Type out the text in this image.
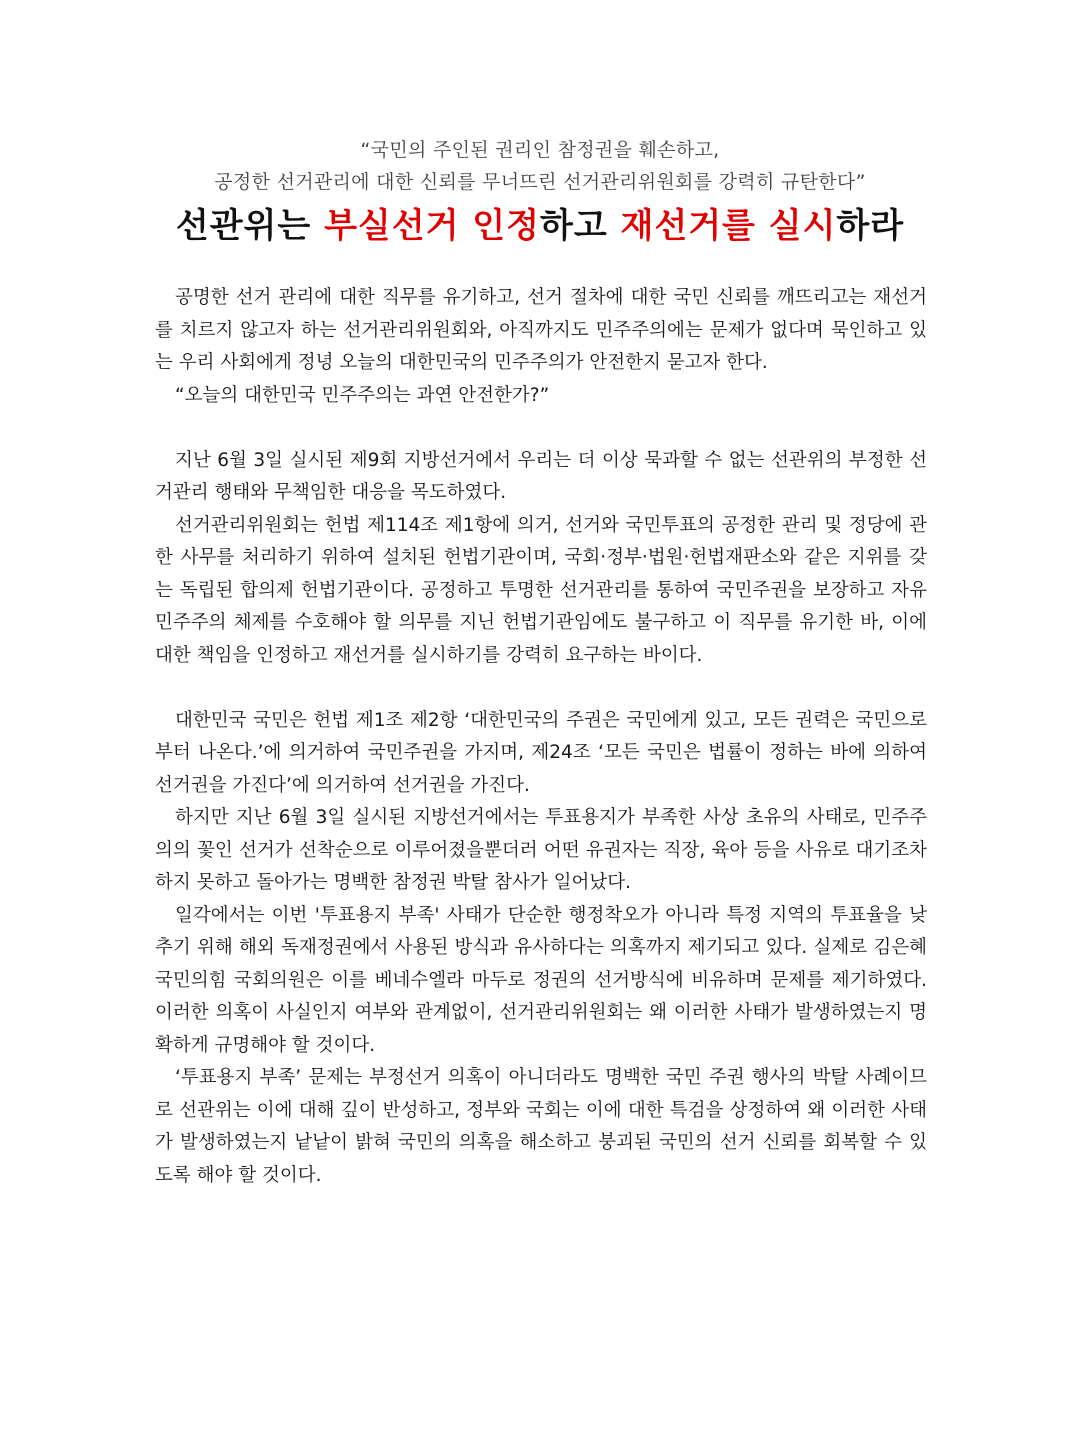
“국민의 주인된 권리인 참정권을 훼손하고,
공정한 선거관리에 대한 신뢰를 무너뜨린 선거관리위원회를 강력히 규탄한다”
선관위는 부실선거 인정하고 재선거를 실시하라

공명한 선거 관리에 대한 직무를 유기하고, 선거 절차에 대한 국민 신뢰를 깨뜨리고는 재선거를 치르지 않고자 하는 선거관리위원회와, 아직까지도 민주주의에는 문제가 없다며 묵인하고 있는 우리 사회에게 정녕 오늘의 대한민국의 민주주의가 안전한지 묻고자 한다.

“오늘의 대한민국 민주주의는 과연 안전한가?”

지난 6월 3일 실시된 제9회 지방선거에서 우리는 더 이상 묵과할 수 없는 선관위의 부정한 선거관리 행태와 무책임한 대응을 목도하였다.

선거관리위원회는 헌법 제114조 제1항에 의거, 선거와 국민투표의 공정한 관리 및 정당에 관한 사무를 처리하기 위하여 설치된 헌법기관이며, 국회·정부·법원·헌법재판소와 같은 지위를 갖는 독립된 합의제 헌법기관이다. 공정하고 투명한 선거관리를 통하여 국민주권을 보장하고 자유민주주의 체제를 수호해야 할 의무를 지닌 헌법기관임에도 불구하고 이 직무를 유기한 바, 이에 대한 책임을 인정하고 재선거를 실시하기를 강력히 요구하는 바이다.

대한민국 국민은 헌법 제1조 제2항 ‘대한민국의 주권은 국민에게 있고, 모든 권력은 국민으로부터 나온다.’에 의거하여 국민주권을 가지며, 제24조 ‘모든 국민은 법률이 정하는 바에 의하여 선거권을 가진다’에 의거하여 선거권을 가진다.

하지만 지난 6월 3일 실시된 지방선거에서는 투표용지가 부족한 사상 초유의 사태로, 민주주의의 꽃인 선거가 선착순으로 이루어졌을뿐더러 어떤 유권자는 직장, 육아 등을 사유로 대기조차 하지 못하고 돌아가는 명백한 참정권 박탈 참사가 일어났다.

일각에서는 이번 '투표용지 부족' 사태가 단순한 행정착오가 아니라 특정 지역의 투표율을 낮추기 위해 해외 독재정권에서 사용된 방식과 유사하다는 의혹까지 제기되고 있다. 실제로 김은혜 국민의힘 국회의원은 이를 베네수엘라 마두로 정권의 선거방식에 비유하며 문제를 제기하였다. 이러한 의혹이 사실인지 여부와 관계없이, 선거관리위원회는 왜 이러한 사태가 발생하였는지 명확하게 규명해야 할 것이다.

‘투표용지 부족’ 문제는 부정선거 의혹이 아니더라도 명백한 국민 주권 행사의 박탈 사례이므로 선관위는 이에 대해 깊이 반성하고, 정부와 국회는 이에 대한 특검을 상정하여 왜 이러한 사태가 발생하였는지 낱낱이 밝혀 국민의 의혹을 해소하고 붕괴된 국민의 선거 신뢰를 회복할 수 있도록 해야 할 것이다.
